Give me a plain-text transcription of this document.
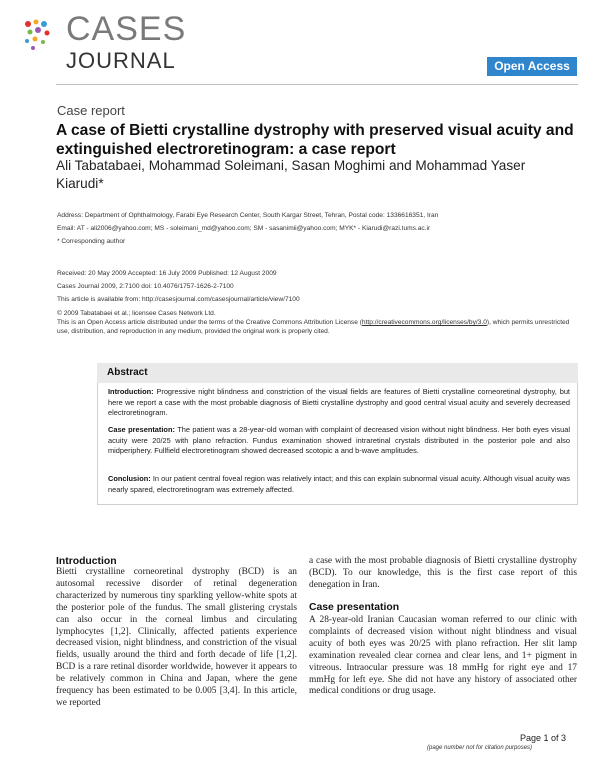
CASES
JOURNAL	Open Access
Case report
A case of Bietti crystalline dystrophy with preserved visual acuity and extinguished electroretinogram: a case report
Ali Tabatabaei, Mohammad Soleimani, Sasan Moghimi and Mohammad Yaser Kiarudi*
Address: Department of Ophthalmology, Farabi Eye Research Center, South Kargar Street, Tehran, Postal code: 1336616351, Iran
Email: AT - ali2006@yahoo.com; MS - soleimani_md@yahoo.com; SM - sasanimii@yahoo.com; MYK* - Kiarudi@razi.tums.ac.ir
* Corresponding author
Received: 20 May 2009 Accepted: 16 July 2009 Published: 12 August 2009
Cases Journal 2009, 2:7100 doi: 10.4076/1757-1626-2-7100
This article is available from: http://casesjournal.com/casesjournal/article/view/7100
© 2009 Tabatabaei et al.; licensee Cases Network Ltd.
This is an Open Access article distributed under the terms of the Creative Commons Attribution License (http://creativecommons.org/licenses/by/3.0), which permits unrestricted use, distribution, and reproduction in any medium, provided the original work is properly cited.
Abstract
Introduction: Progressive night blindness and constriction of the visual fields are features of Bietti crystalline corneoretinal dystrophy, but here we report a case with the most probable diagnosis of Bietti crystalline dystrophy and good central visual acuity and severely decreased electroretinogram.
Case presentation: The patient was a 28-year-old woman with complaint of decreased vision without night blindness. Her both eyes visual acuity were 20/25 with plano refraction. Fundus examination showed intraretinal crystals distributed in the posterior pole and also midperiphery. Fullfield electroretinogram showed decreased scotopic a and b-wave amplitudes.
Conclusion: In our patient central foveal region was relatively intact; and this can explain subnormal visual acuity. Although visual acuity was nearly spared, electroretinogram was extremely affected.
Introduction
Bietti crystalline corneoretinal dystrophy (BCD) is an autosomal recessive disorder of retinal degeneration characterized by numerous tiny sparkling yellow-white spots at the posterior pole of the fundus. The small glistering crystals can also occur in the corneal limbus and circulating lymphocytes [1,2]. Clinically, affected patients experience decreased vision, night blindness, and constriction of the visual fields, usually around the third and forth decade of life [1,2]. BCD is a rare retinal disorder worldwide, however it appears to be relatively common in China and Japan, where the gene frequency has been estimated to be 0.005 [3,4]. In this article, we reported
a case with the most probable diagnosis of Bietti crystalline dystrophy (BCD). To our knowledge, this is the first case report of this denegation in Iran.
Case presentation
A 28-year-old Iranian Caucasian woman referred to our clinic with complaints of decreased vision without night blindness and visual acuity of both eyes was 20/25 with plano refraction. Her slit lamp examination revealed clear cornea and clear lens, and 1+ pigment in vitreous. Intraocular pressure was 18 mmHg for right eye and 17 mmHg for left eye. She did not have any history of associated other medical conditions or drug usage.
Page 1 of 3
(page number not for citation purposes)
